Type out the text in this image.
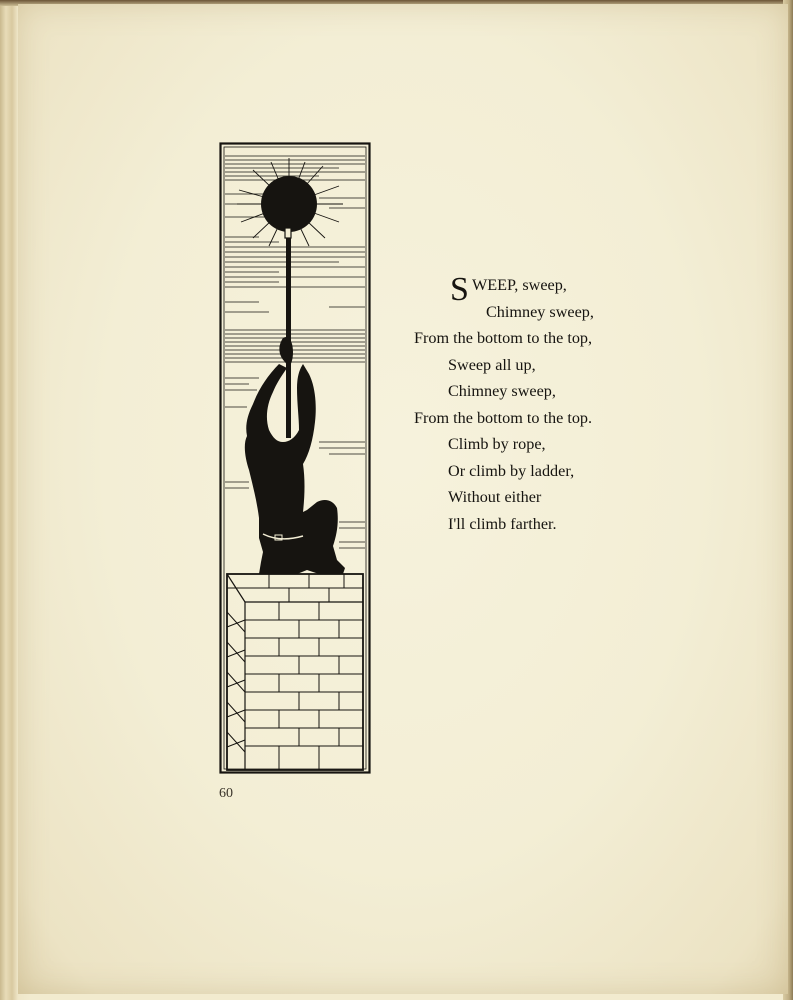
S WEEP, sweep,
Chimney sweep,
From the bottom to the top,
Sweep all up,
Chimney sweep,
From the bottom to the top.
Climb by rope,
Or climb by ladder,
Without either
I'll climb farther.
60
